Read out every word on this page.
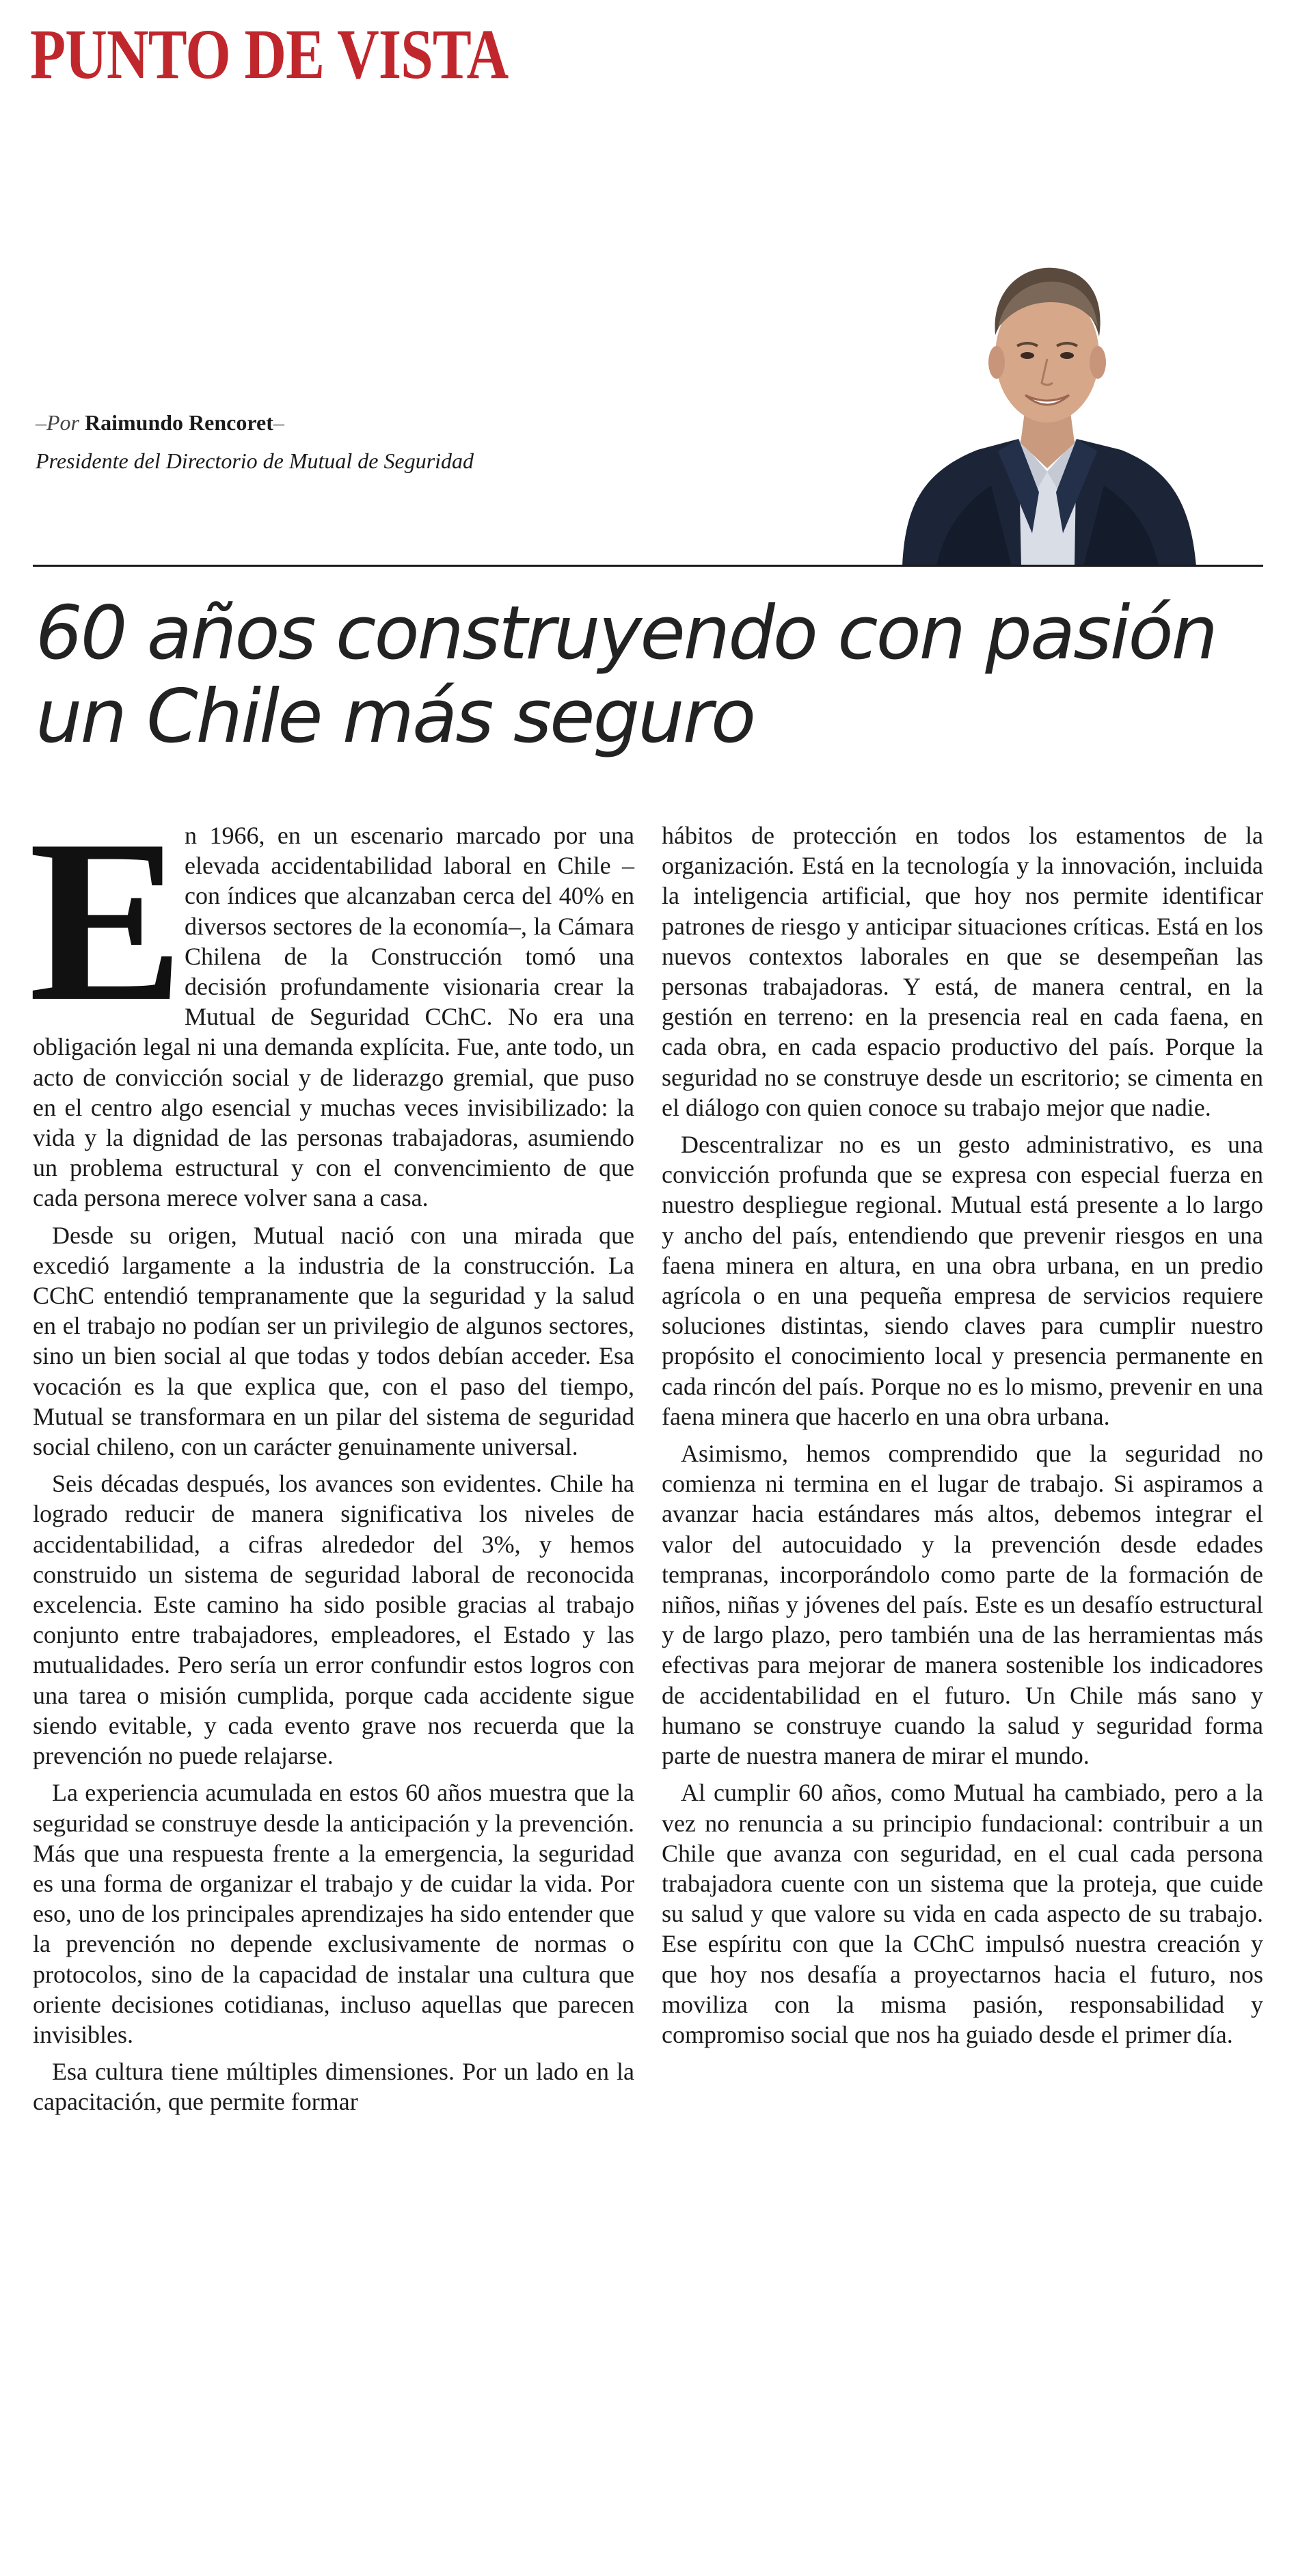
PUNTO DE VISTA

–Por Raimundo Rencoret–

Presidente del Directorio de Mutual de Seguridad

60 años construyendo con pasión un Chile más seguro

En 1966, en un escenario marcado por una elevada accidentabilidad laboral en Chile – con índices que alcanzaban cerca del 40% en diversos sectores de la economía–, la Cámara Chilena de la Construcción tomó una decisión profundamente visionaria crear la Mutual de Seguridad CChC. No era una obligación legal ni una demanda explícita. Fue, ante todo, un acto de convicción social y de liderazgo gremial, que puso en el centro algo esencial y muchas veces invisibilizado: la vida y la dignidad de las personas trabajadoras, asumiendo un problema estructural y con el convencimiento de que cada persona merece volver sana a casa.

Desde su origen, Mutual nació con una mirada que excedió largamente a la industria de la construcción. La CChC entendió tempranamente que la seguridad y la salud en el trabajo no podían ser un privilegio de algunos sectores, sino un bien social al que todas y todos debían acceder. Esa vocación es la que explica que, con el paso del tiempo, Mutual se transformara en un pilar del sistema de seguridad social chileno, con un carácter genuinamente universal.

Seis décadas después, los avances son evidentes. Chile ha logrado reducir de manera significativa los niveles de accidentabilidad, a cifras alrededor del 3%, y hemos construido un sistema de seguridad laboral de reconocida excelencia. Este camino ha sido posible gracias al trabajo conjunto entre trabajadores, empleadores, el Estado y las mutualidades. Pero sería un error confundir estos logros con una tarea o misión cumplida, porque cada accidente sigue siendo evitable, y cada evento grave nos recuerda que la prevención no puede relajarse.

La experiencia acumulada en estos 60 años muestra que la seguridad se construye desde la anticipación y la prevención. Más que una respuesta frente a la emergencia, la seguridad es una forma de organizar el trabajo y de cuidar la vida. Por eso, uno de los principales aprendizajes ha sido entender que la prevención no depende exclusivamente de normas o protocolos, sino de la capacidad de instalar una cultura que oriente decisiones cotidianas, incluso aquellas que parecen invisibles.

Esa cultura tiene múltiples dimensiones. Por un lado en la capacitación, que permite formar

hábitos de protección en todos los estamentos de la organización. Está en la tecnología y la innovación, incluida la inteligencia artificial, que hoy nos permite identificar patrones de riesgo y anticipar situaciones críticas. Está en los nuevos contextos laborales en que se desempeñan las personas trabajadoras. Y está, de manera central, en la gestión en terreno: en la presencia real en cada faena, en cada obra, en cada espacio productivo del país. Porque la seguridad no se construye desde un escritorio; se cimenta en el diálogo con quien conoce su trabajo mejor que nadie.

Descentralizar no es un gesto administrativo, es una convicción profunda que se expresa con especial fuerza en nuestro despliegue regional. Mutual está presente a lo largo y ancho del país, entendiendo que prevenir riesgos en una faena minera en altura, en una obra urbana, en un predio agrícola o en una pequeña empresa de servicios requiere soluciones distintas, siendo claves para cumplir nuestro propósito el conocimiento local y presencia permanente en cada rincón del país. Porque no es lo mismo, prevenir en una faena minera que hacerlo en una obra urbana.

Asimismo, hemos comprendido que la seguridad no comienza ni termina en el lugar de trabajo. Si aspiramos a avanzar hacia estándares más altos, debemos integrar el valor del autocuidado y la prevención desde edades tempranas, incorporándolo como parte de la formación de niños, niñas y jóvenes del país. Este es un desafío estructural y de largo plazo, pero también una de las herramientas más efectivas para mejorar de manera sostenible los indicadores de accidentabilidad en el futuro. Un Chile más sano y humano se construye cuando la salud y seguridad forma parte de nuestra manera de mirar el mundo.

Al cumplir 60 años, como Mutual ha cambiado, pero a la vez no renuncia a su principio fundacional: contribuir a un Chile que avanza con seguridad, en el cual cada persona trabajadora cuente con un sistema que la proteja, que cuide su salud y que valore su vida en cada aspecto de su trabajo. Ese espíritu con que la CChC impulsó nuestra creación y que hoy nos desafía a proyectarnos hacia el futuro, nos moviliza con la misma pasión, responsabilidad y compromiso social que nos ha guiado desde el primer día.
